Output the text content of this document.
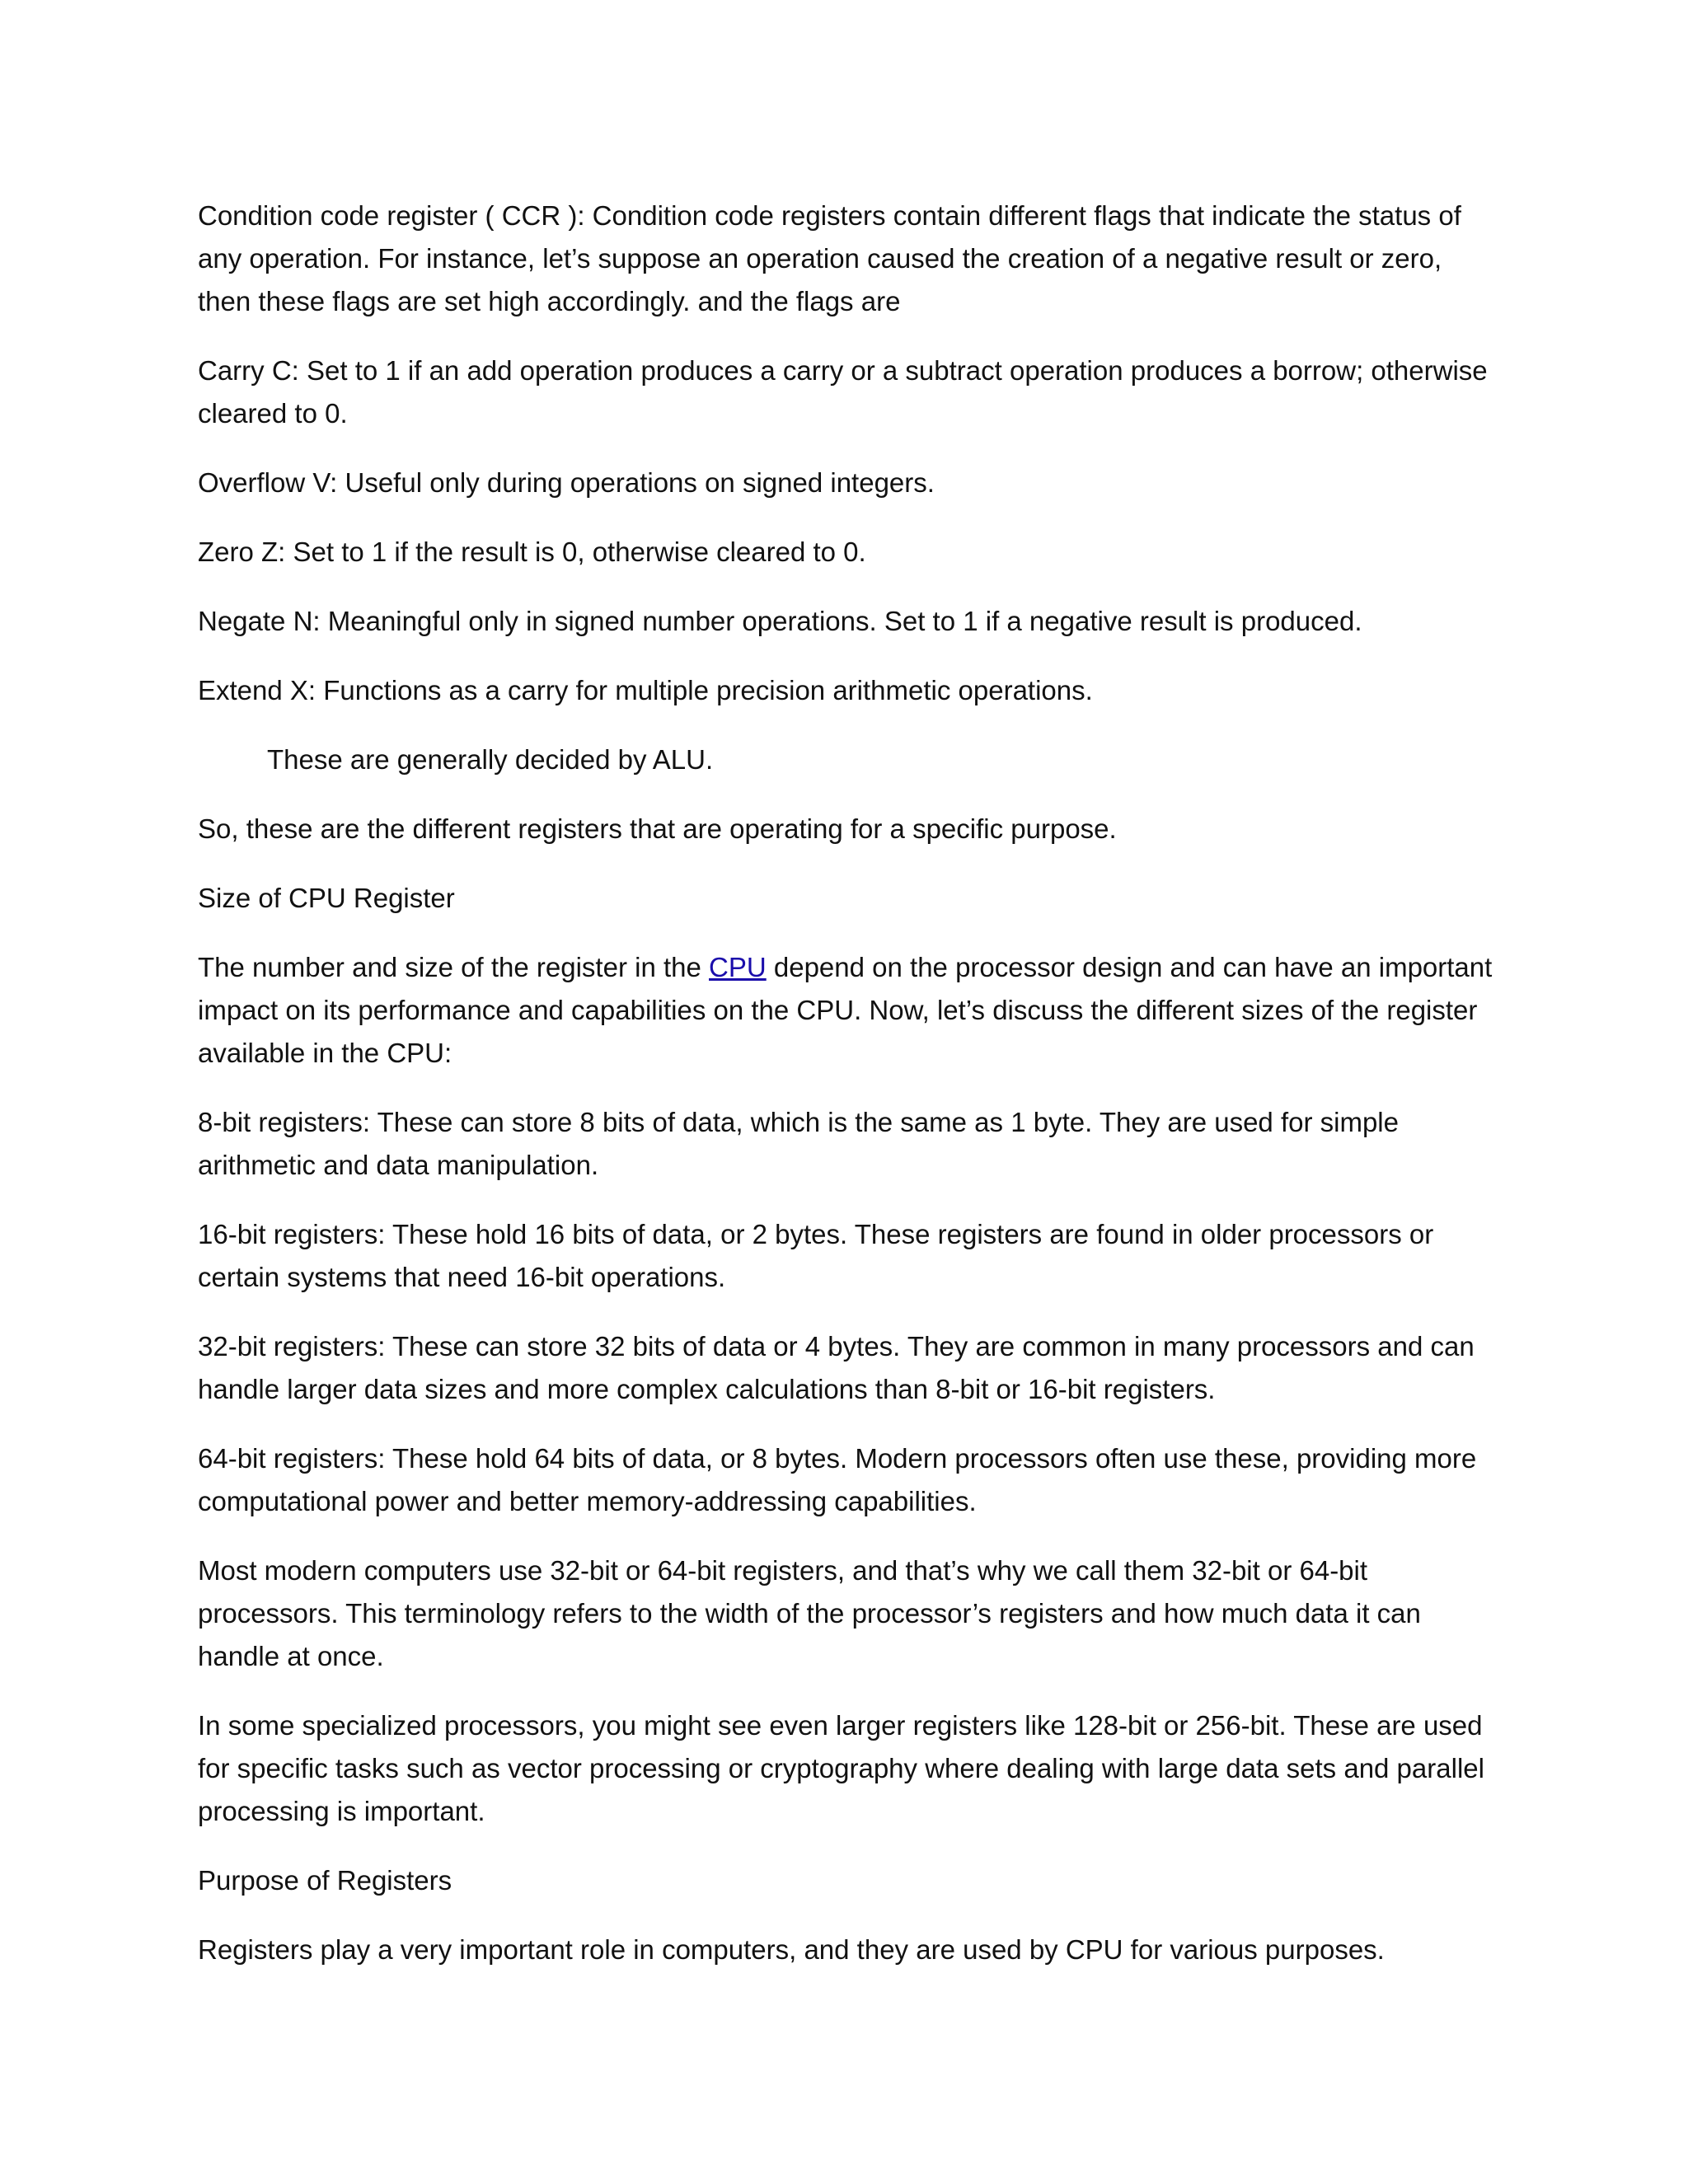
Condition code register ( CCR ): Condition code registers contain different flags that indicate the status of any operation. For instance, let’s suppose an operation caused the creation of a negative result or zero, then these flags are set high accordingly. and the flags are

Carry C: Set to 1 if an add operation produces a carry or a subtract operation produces a borrow; otherwise cleared to 0.

Overflow V: Useful only during operations on signed integers.

Zero Z: Set to 1 if the result is 0, otherwise cleared to 0.

Negate N: Meaningful only in signed number operations. Set to 1 if a negative result is produced.

Extend X: Functions as a carry for multiple precision arithmetic operations.

These are generally decided by ALU.

So, these are the different registers that are operating for a specific purpose.

Size of CPU Register

The number and size of the register in the CPU depend on the processor design and can have an important impact on its performance and capabilities on the CPU. Now, let’s discuss the different sizes of the register available in the CPU:

8-bit registers: These can store 8 bits of data, which is the same as 1 byte. They are used for simple arithmetic and data manipulation.

16-bit registers: These hold 16 bits of data, or 2 bytes. These registers are found in older processors or certain systems that need 16-bit operations.

32-bit registers: These can store 32 bits of data or 4 bytes. They are common in many processors and can handle larger data sizes and more complex calculations than 8-bit or 16-bit registers.

64-bit registers: These hold 64 bits of data, or 8 bytes. Modern processors often use these, providing more computational power and better memory-addressing capabilities.

Most modern computers use 32-bit or 64-bit registers, and that’s why we call them 32-bit or 64-bit processors. This terminology refers to the width of the processor’s registers and how much data it can handle at once.

In some specialized processors, you might see even larger registers like 128-bit or 256-bit. These are used for specific tasks such as vector processing or cryptography where dealing with large data sets and parallel processing is important.

Purpose of Registers

Registers play a very important role in computers, and they are used by CPU for various purposes.
